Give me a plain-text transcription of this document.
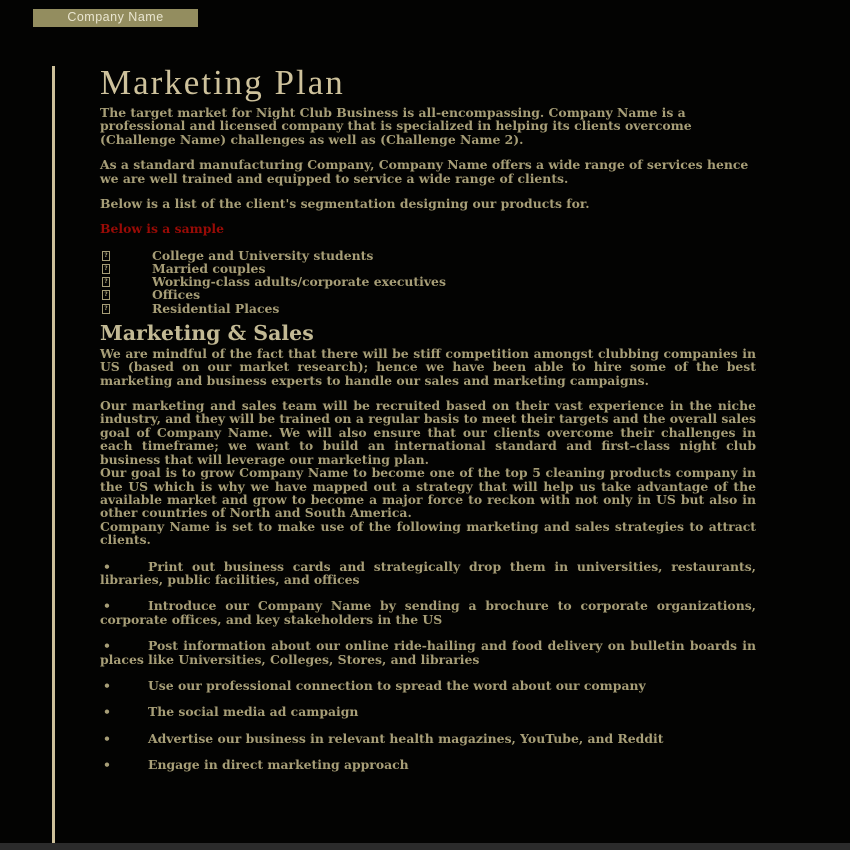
Company Name
Marketing Plan

The target market for Night Club Business is all-encompassing. Company Name is a professional and licensed company that is specialized in helping its clients overcome (Challenge Name) challenges as well as (Challenge Name 2).

As a standard manufacturing Company, Company Name offers a wide range of services hence we are well trained and equipped to service a wide range of clients.

Below is a list of the client's segmentation designing our products for.

Below is a sample

?	College and University students
?	Married couples
?	Working-class adults/corporate executives
?	Offices
?	Residential Places
Marketing & Sales

We are mindful of the fact that there will be stiff competition amongst clubbing companies in US (based on our market research); hence we have been able to hire some of the best marketing and business experts to handle our sales and marketing campaigns.

Our marketing and sales team will be recruited based on their vast experience in the niche industry, and they will be trained on a regular basis to meet their targets and the overall sales goal of Company Name. We will also ensure that our clients overcome their challenges in each timeframe; we want to build an international standard and first–class night club business that will leverage our marketing plan.

Our goal is to grow Company Name to become one of the top 5 cleaning products company in the US which is why we have mapped out a strategy that will help us take advantage of the available market and grow to become a major force to reckon with not only in US but also in other countries of North and South America.

Company Name is set to make use of the following marketing and sales strategies to attract clients.

•	Print out business cards and strategically drop them in universities, restaurants, libraries, public facilities, and offices
•	Introduce our Company Name by sending a brochure to corporate organizations, corporate offices, and key stakeholders in the US
•	Post information about our online ride-hailing and food delivery on bulletin boards in places like Universities, Colleges, Stores, and libraries
•	Use our professional connection to spread the word about our company
•	The social media ad campaign
•	Advertise our business in relevant health magazines, YouTube, and Reddit
•	Engage in direct marketing approach
